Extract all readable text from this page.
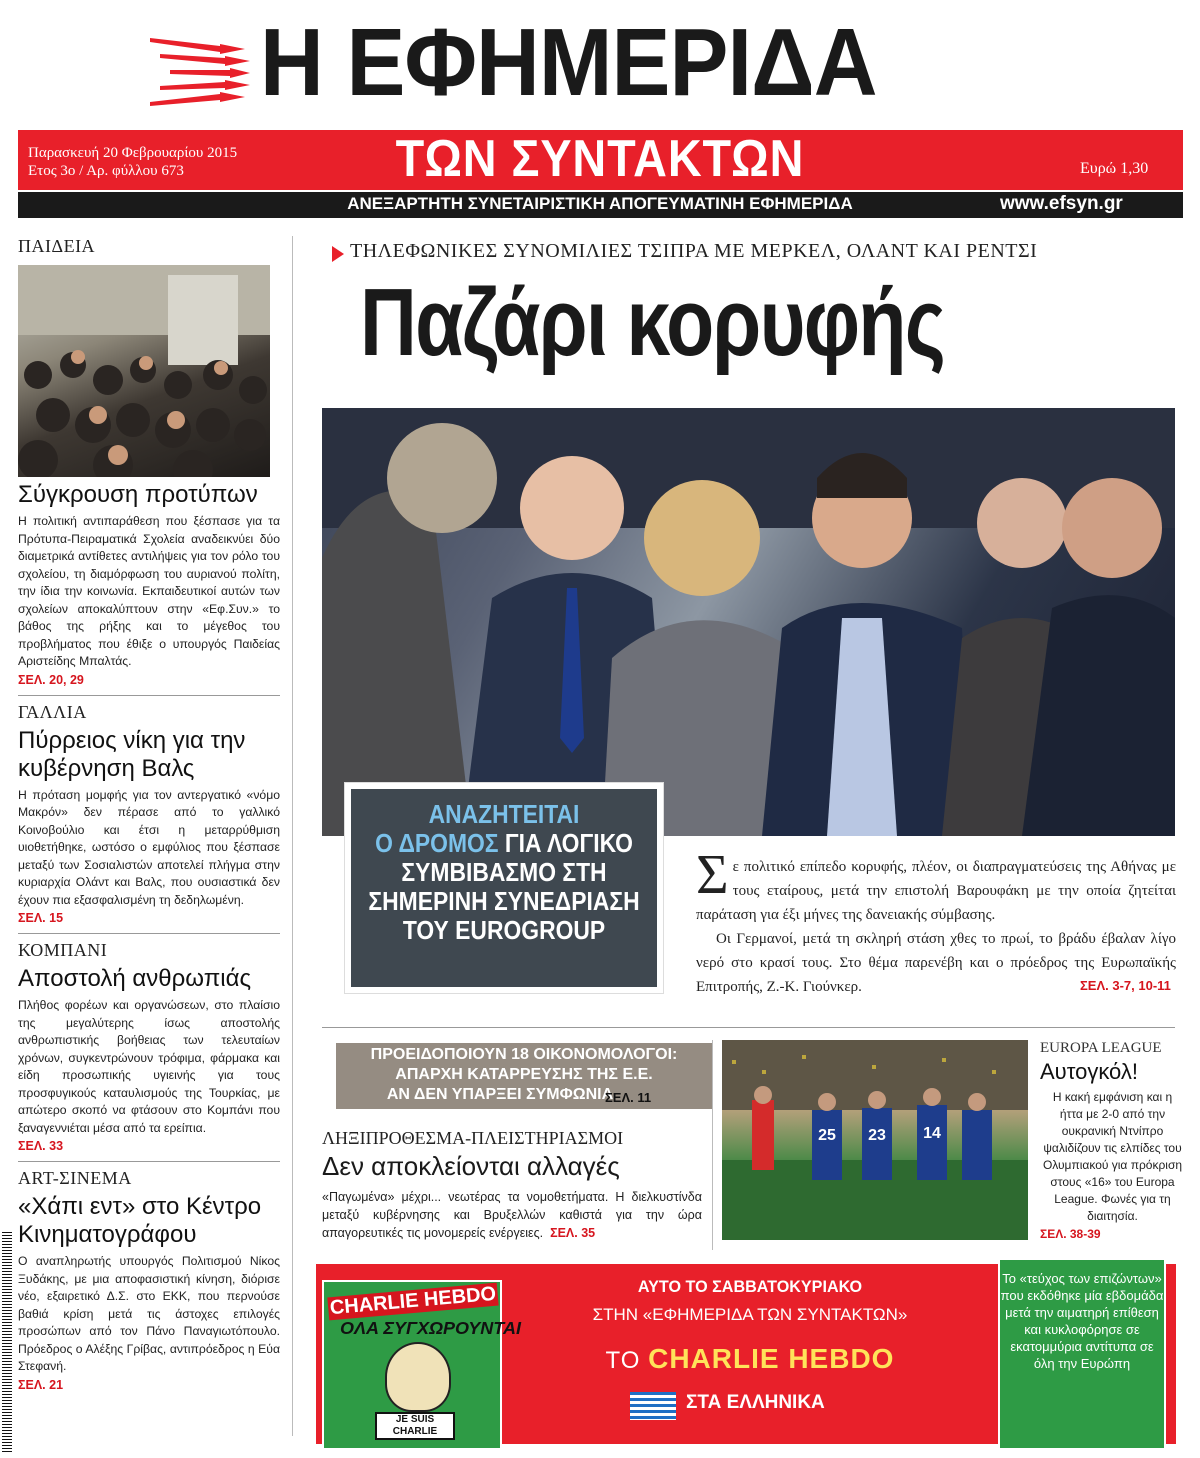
Η ΕΦΗΜΕΡΙΔΑ
Παρασκευή 20 Φεβρουαρίου 2015
Ετος 3ο / Αρ. φύλλου 673	ΤΩΝ ΣΥΝΤΑΚΤΩΝ	Ευρώ 1,30
ΑΝΕΞΑΡΤΗΤΗ ΣΥΝΕΤΑΙΡΙΣΤΙΚΗ ΑΠΟΓΕΥΜΑΤΙΝΗ ΕΦΗΜΕΡΙΔΑ	www.efsyn.gr
ΠΑΙΔΕΙΑ
Σύγκρουση προτύπων
Η πολιτική αντιπαράθεση που ξέσπασε για τα Πρότυπα-Πειραματικά Σχολεία αναδεικνύει δύο διαμετρικά αντίθετες αντιλήψεις για τον ρόλο του σχολείου, τη διαμόρφωση του αυριανού πολίτη, την ίδια την κοινωνία. Εκπαιδευτικοί αυτών των σχολείων αποκαλύπτουν στην «Εφ.Συν.» το βάθος της ρήξης και το μέγεθος του προβλήματος που έθιξε ο υπουργός Παιδείας Αριστείδης Μπαλτάς.
ΣΕΛ. 20, 29
ΓΑΛΛΙΑ
Πύρρειος νίκη για την κυβέρνηση Βαλς
Η πρόταση μομφής για τον αντεργατικό «νόμο Μακρόν» δεν πέρασε από το γαλλικό Κοινοβούλιο και έτσι η μεταρρύθμιση υιοθετήθηκε, ωστόσο ο εμφύλιος που ξέσπασε μεταξύ των Σοσιαλιστών αποτελεί πλήγμα στην κυριαρχία Ολάντ και Βαλς, που ουσιαστικά δεν έχουν πια εξασφαλισμένη τη δεδηλωμένη.
ΣΕΛ. 15
ΚΟΜΠΑΝΙ
Αποστολή ανθρωπιάς
Πλήθος φορέων και οργανώσεων, στο πλαίσιο της μεγαλύτερης ίσως αποστολής ανθρωπιστικής βοήθειας των τελευταίων χρόνων, συγκεντρώνουν τρόφιμα, φάρμακα και είδη προσωπικής υγιεινής για τους προσφυγικούς καταυλισμούς της Τουρκίας, με απώτερο σκοπό να φτάσουν στο Κομπάνι που ξαναγεννιέται μέσα από τα ερείπια.
ΣΕΛ. 33
ART-ΣΙΝΕΜΑ
«Χάπι εντ» στο Κέντρο Κινηματογράφου
Ο αναπληρωτής υπουργός Πολιτισμού Νίκος Ξυδάκης, με μια αποφασιστική κίνηση, διόρισε νέο, εξαιρετικό Δ.Σ. στο ΕΚΚ, που περνούσε βαθιά κρίση μετά τις άστοχες επιλογές προσώπων από τον Πάνο Παναγιωτόπουλο. Πρόεδρος ο Αλέξης Γρίβας, αντιπρόεδρος η Εύα Στεφανή.
ΣΕΛ. 21
ΤΗΛΕΦΩΝΙΚΕΣ ΣΥΝΟΜΙΛΙΕΣ ΤΣΙΠΡΑ ΜΕ ΜΕΡΚΕΛ, ΟΛΑΝΤ ΚΑΙ ΡΕΝΤΣΙ
Παζάρι κορυφής
ΑΝΑΖΗΤΕΙΤΑΙ
Ο ΔΡΟΜΟΣ ΓΙΑ ΛΟΓΙΚΟ
ΣΥΜΒΙΒΑΣΜΟ ΣΤΗ
ΣΗΜΕΡΙΝΗ ΣΥΝΕΔΡΙΑΣΗ
ΤΟΥ EUROGROUP
Σ ε πολιτικό επίπεδο κορυφής, πλέον, οι διαπραγματεύσεις της Αθήνας με τους εταίρους, μετά την επιστολή Βαρουφάκη με την οποία ζητείται παράταση για έξι μήνες της δανειακής σύμβασης.

Οι Γερμανοί, μετά τη σκληρή στάση χθες το πρωί, το βράδυ έβαλαν λίγο νερό στο κρασί τους. Στο θέμα παρενέβη και ο πρόεδρος της Ευρωπαϊκής Επιτροπής, Ζ.-Κ. Γιούνκερ.	ΣΕΛ. 3-7, 10-11
ΠΡΟΕΙΔΟΠΟΙΟΥΝ 18 ΟΙΚΟΝΟΜΟΛΟΓΟΙ:
ΑΠΑΡΧΗ ΚΑΤΑΡΡΕΥΣΗΣ ΤΗΣ Ε.Ε.
ΑΝ ΔΕΝ ΥΠΑΡΞΕΙ ΣΥΜΦΩΝΙΑ
ΣΕΛ. 11
ΛΗΞΙΠΡΟΘΕΣΜΑ-ΠΛΕΙΣΤΗΡΙΑΣΜΟΙ
Δεν αποκλείονται αλλαγές
«Παγωμένα» μέχρι... νεωτέρας τα νομοθετήματα. Η διελκυστίνδα μεταξύ κυβέρνησης και Βρυξελλών καθιστά για την ώρα απαγορευτικές τις μονομερείς ενέργειες. ΣΕΛ. 35
23 14
25
EUROPA LEAGUE
Αυτογκόλ!
Η κακή εμφάνιση και η ήττα με 2-0 από την ουκρανική Ντνίπρο ψαλιδίζουν τις ελπίδες του Ολυμπιακού για πρόκριση στους «16» του Europa League. Φωνές για τη διαιτησία.
ΣΕΛ. 38-39
CHARLIE HEBDO
ΟΛΑ ΣΥΓΧΩΡΟΥΝΤΑΙ
JE SUIS CHARLIE
ΑΥΤΟ ΤΟ ΣΑΒΒΑΤΟΚΥΡΙΑΚΟ
ΣΤΗΝ «ΕΦΗΜΕΡΙΔΑ ΤΩΝ ΣΥΝΤΑΚΤΩΝ»
ΤΟ CHARLIE HEBDO
ΣΤΑ ΕΛΛΗΝΙΚΑ
Το «τεύχος των επιζώντων» που εκδόθηκε μία εβδομάδα μετά την αιματηρή επίθεση και κυκλοφόρησε σε εκατομμύρια αντίτυπα σε όλη την Ευρώπη
